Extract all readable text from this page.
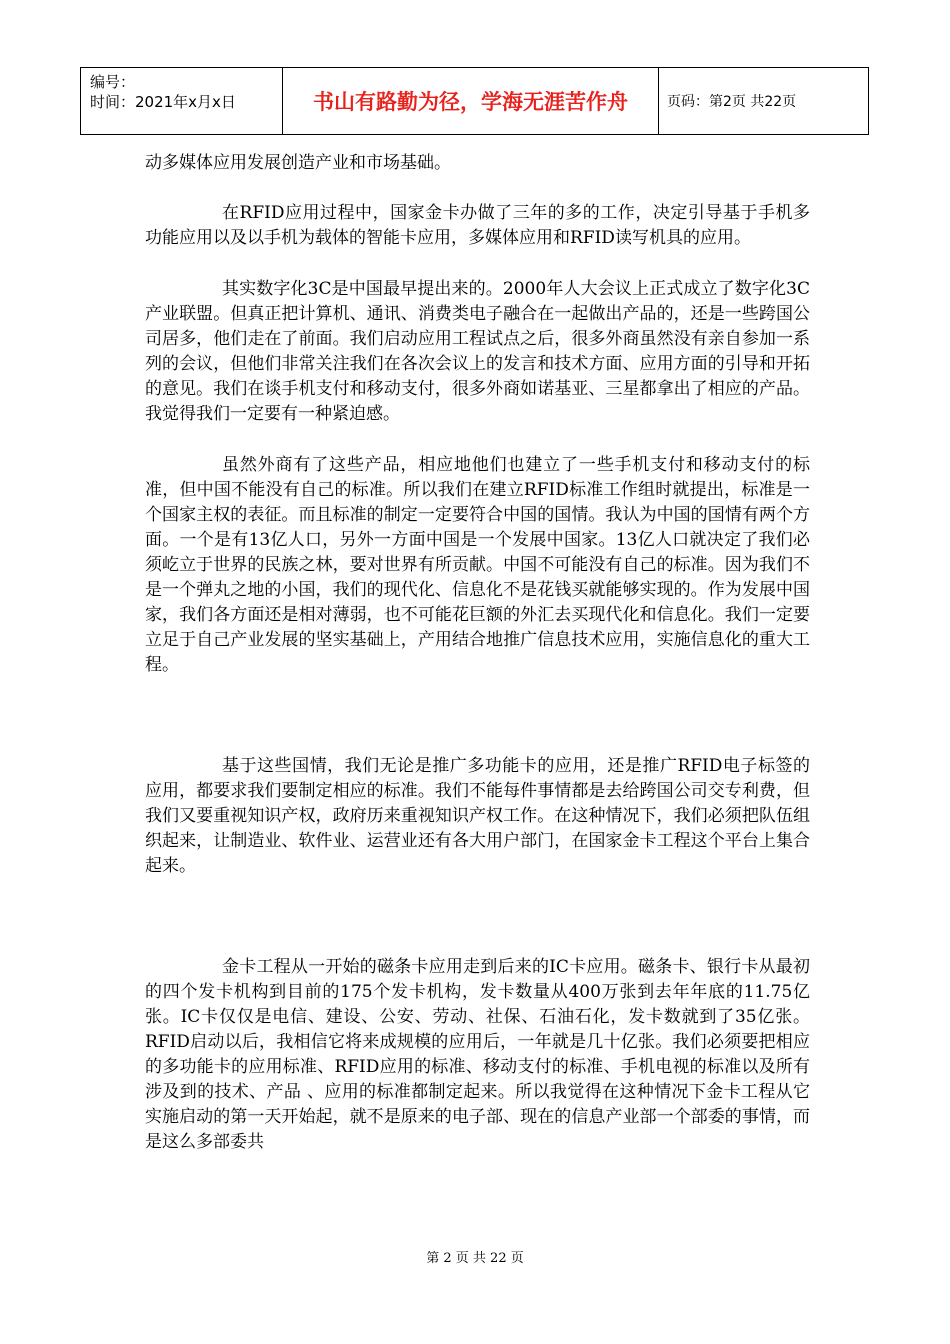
编号：
时间：2021年x月x日	书山有路勤为径，学海无涯苦作舟	页码：第2页 共22页

动多媒体应用发展创造产业和市场基础。

在RFID应用过程中，国家金卡办做了三年的多的工作，决定引导基于手机多功能应用以及以手机为载体的智能卡应用，多媒体应用和RFID读写机具的应用。

其实数字化3C是中国最早提出来的。2000年人大会议上正式成立了数字化3C产业联盟。但真正把计算机、通讯、消费类电子融合在一起做出产品的，还是一些跨国公司居多，他们走在了前面。我们启动应用工程试点之后，很多外商虽然没有亲自参加一系列的会议，但他们非常关注我们在各次会议上的发言和技术方面、应用方面的引导和开拓的意见。我们在谈手机支付和移动支付，很多外商如诺基亚、三星都拿出了相应的产品。我觉得我们一定要有一种紧迫感。

虽然外商有了这些产品，相应地他们也建立了一些手机支付和移动支付的标准，但中国不能没有自己的标准。所以我们在建立RFID标准工作组时就提出，标准是一个国家主权的表征。而且标准的制定一定要符合中国的国情。我认为中国的国情有两个方面。一个是有13亿人口，另外一方面中国是一个发展中国家。13亿人口就决定了我们必须屹立于世界的民族之林，要对世界有所贡献。中国不可能没有自己的标准。因为我们不是一个弹丸之地的小国，我们的现代化、信息化不是花钱买就能够实现的。作为发展中国家，我们各方面还是相对薄弱，也不可能花巨额的外汇去买现代化和信息化。我们一定要立足于自己产业发展的坚实基础上，产用结合地推广信息技术应用，实施信息化的重大工程。

基于这些国情，我们无论是推广多功能卡的应用，还是推广RFID电子标签的应用，都要求我们要制定相应的标准。我们不能每件事情都是去给跨国公司交专利费，但我们又要重视知识产权，政府历来重视知识产权工作。在这种情况下，我们必须把队伍组织起来，让制造业、软件业、运营业还有各大用户部门，在国家金卡工程这个平台上集合起来。

金卡工程从一开始的磁条卡应用走到后来的IC卡应用。磁条卡、银行卡从最初的四个发卡机构到目前的175个发卡机构，发卡数量从400万张到去年年底的11.75亿张。IC卡仅仅是电信、建设、公安、劳动、社保、石油石化，发卡数就到了35亿张。RFID启动以后，我相信它将来成规模的应用后，一年就是几十亿张。我们必须要把相应的多功能卡的应用标准、RFID应用的标准、移动支付的标准、手机电视的标准以及所有涉及到的技术、产品 、应用的标准都制定起来。所以我觉得在这种情况下金卡工程从它实施启动的第一天开始起，就不是原来的电子部、现在的信息产业部一个部委的事情，而是这么多部委共

第 2 页 共 22 页
